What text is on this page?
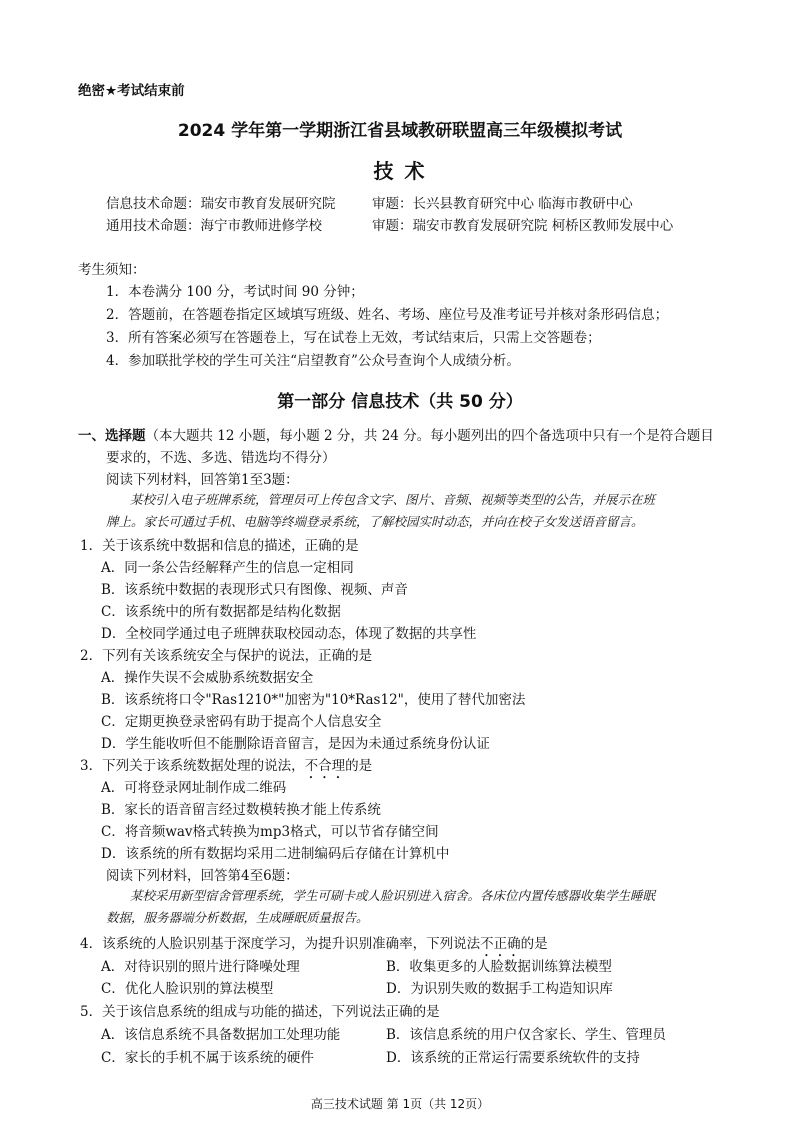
绝密★考试结束前
2024 学年第一学期浙江省县域教研联盟高三年级模拟考试
技 术
信息技术命题：瑞安市教育发展研究院	审题：长兴县教育研究中心 临海市教研中心
通用技术命题：海宁市教师进修学校	审题：瑞安市教育发展研究院 柯桥区教师发展中心
考生须知：
1．本卷满分 100 分，考试时间 90 分钟；
2．答题前，在答题卷指定区域填写班级、姓名、考场、座位号及准考证号并核对条形码信息；
3．所有答案必须写在答题卷上，写在试卷上无效，考试结束后，只需上交答题卷；
4．参加联批学校的学生可关注“启望教育”公众号查询个人成绩分析。
第一部分 信息技术（共 50 分）
一、选择题（本大题共 12 小题，每小题 2 分，共 24 分。每小题列出的四个备选项中只有一个是符合题目
要求的，不选、多选、错选均不得分）
阅读下列材料，回答第1至3题：
某校引入电子班牌系统，管理员可上传包含文字、图片、音频、视频等类型的公告，并展示在班
牌上。家长可通过手机、电脑等终端登录系统，了解校园实时动态，并向在校子女发送语音留言。
1．关于该系统中数据和信息的描述，正确的是
A．同一条公告经解释产生的信息一定相同
B．该系统中数据的表现形式只有图像、视频、声音
C．该系统中的所有数据都是结构化数据
D．全校同学通过电子班牌获取校园动态，体现了数据的共享性
2．下列有关该系统安全与保护的说法，正确的是
A．操作失误不会威胁系统数据安全
B．该系统将口令"Ras1210*"加密为"10*Ras12"，使用了替代加密法
C．定期更换登录密码有助于提高个人信息安全
D．学生能收听但不能删除语音留言，是因为未通过系统身份认证
3．下列关于该系统数据处理的说法，不合理的是
A．可将登录网址制作成二维码
B．家长的语音留言经过数模转换才能上传系统
C．将音频wav格式转换为mp3格式，可以节省存储空间
D．该系统的所有数据均采用二进制编码后存储在计算机中
阅读下列材料，回答第4至6题：
某校采用新型宿舍管理系统，学生可刷卡或人脸识别进入宿舍。各床位内置传感器收集学生睡眠
数据，服务器端分析数据，生成睡眠质量报告。
4．该系统的人脸识别基于深度学习，为提升识别准确率，下列说法不正确的是
A．对待识别的照片进行降噪处理	B．收集更多的人脸数据训练算法模型
C．优化人脸识别的算法模型	D．为识别失败的数据手工构造知识库
5．关于该信息系统的组成与功能的描述，下列说法正确的是
A．该信息系统不具备数据加工处理功能	B．该信息系统的用户仅含家长、学生、管理员
C．家长的手机不属于该系统的硬件	D．该系统的正常运行需要系统软件的支持
高三技术试题 第 1页（共 12页）
